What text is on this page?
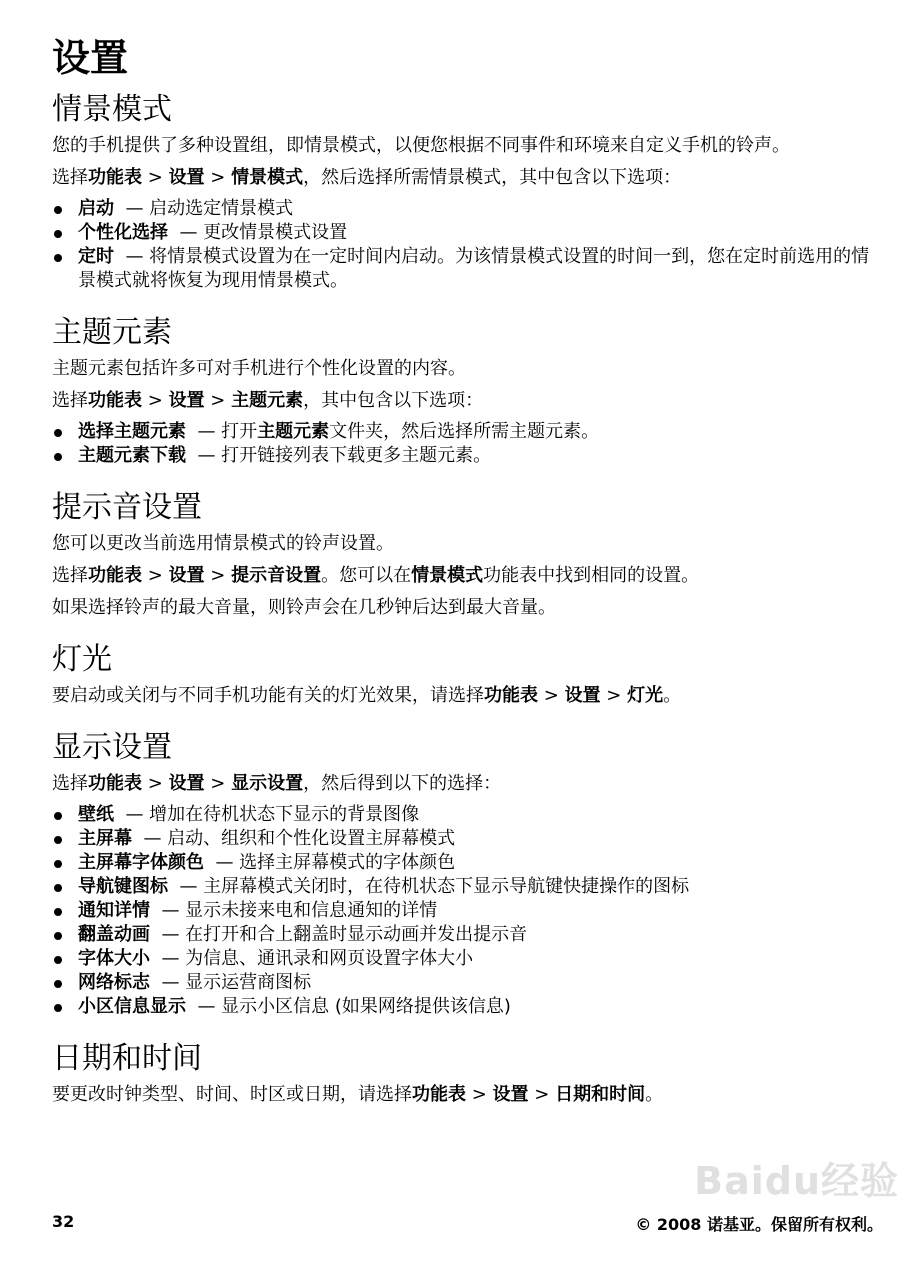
设置
情景模式

您的手机提供了多种设置组，即情景模式，以便您根据不同事件和环境来自定义手机的铃声。

选择功能表 > 设置 > 情景模式，然后选择所需情景模式，其中包含以下选项：
启动 — 启动选定情景模式
个性化选择 — 更改情景模式设置
定时 — 将情景模式设置为在一定时间内启动。为该情景模式设置的时间一到，您在定时前选用的情景模式就将恢复为现用情景模式。
主题元素

主题元素包括许多可对手机进行个性化设置的内容。

选择功能表 > 设置 > 主题元素，其中包含以下选项：
选择主题元素 — 打开主题元素文件夹，然后选择所需主题元素。
主题元素下载 — 打开链接列表下载更多主题元素。
提示音设置

您可以更改当前选用情景模式的铃声设置。

选择功能表 > 设置 > 提示音设置。您可以在情景模式功能表中找到相同的设置。

如果选择铃声的最大音量，则铃声会在几秒钟后达到最大音量。

灯光
要启动或关闭与不同手机功能有关的灯光效果，请选择功能表 > 设置 > 灯光。
显示设置
选择功能表 > 设置 > 显示设置，然后得到以下的选择：
壁纸 — 增加在待机状态下显示的背景图像
主屏幕 — 启动、组织和个性化设置主屏幕模式
主屏幕字体颜色 — 选择主屏幕模式的字体颜色
导航键图标 — 主屏幕模式关闭时，在待机状态下显示导航键快捷操作的图标
通知详情 — 显示未接来电和信息通知的详情
翻盖动画 — 在打开和合上翻盖时显示动画并发出提示音
字体大小 — 为信息、通讯录和网页设置字体大小
网络标志 — 显示运营商图标
小区信息显示 — 显示小区信息 (如果网络提供该信息)
日期和时间
要更改时钟类型、时间、时区或日期，请选择功能表 > 设置 > 日期和时间。
Baidu经验
32	© 2008 诺基亚。保留所有权利。
